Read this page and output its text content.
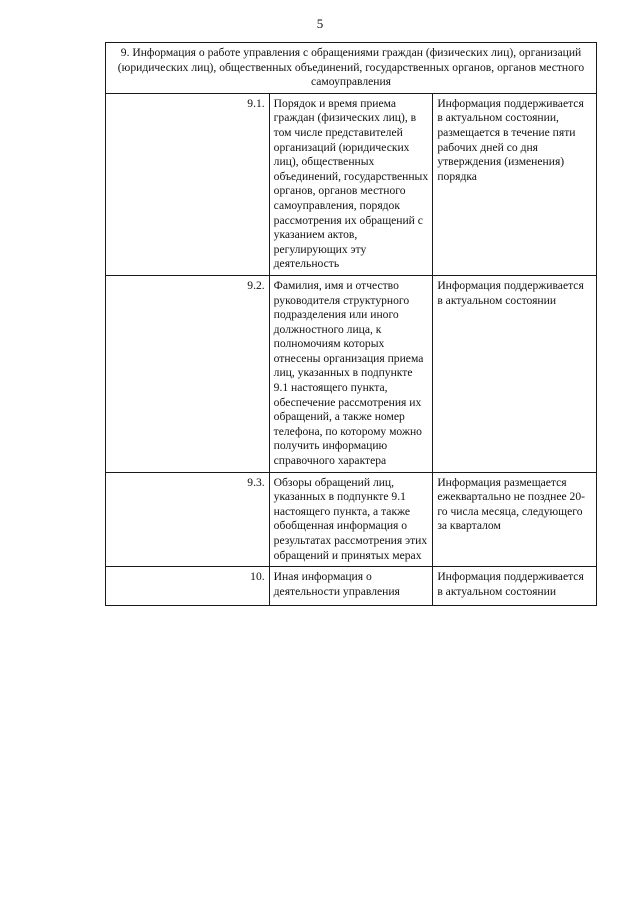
5
9. Информация о работе управления с обращениями граждан (физических лиц), организаций (юридических лиц), общественных объединений, государственных органов, органов местного самоуправления		
9.1.	Порядок и время приема граждан (физических лиц), в том числе представителей организаций (юридических лиц), общественных объединений, государственных органов, органов местного самоуправления, порядок рассмотрения их обращений с указанием актов, регулирующих эту деятельность	Информация поддерживается в актуальном состоянии, размещается в течение пяти рабочих дней со дня утверждения (изменения) порядка
9.2.	Фамилия, имя и отчество руководителя структурного подразделения или иного должностного лица, к полномочиям которых отнесены организация приема лиц, указанных в подпункте 9.1 настоящего пункта, обеспечение рассмотрения их обращений, а также номер телефона, по которому можно получить информацию справочного характера	Информация поддерживается в актуальном состоянии
9.3.	Обзоры обращений лиц, указанных в подпункте 9.1 настоящего пункта, а также обобщенная информация о результатах рассмотрения этих обращений и принятых мерах	Информация размещается ежеквартально не позднее 20-го числа месяца, следующего за кварталом
10.	Иная информация о деятельности управления	Информация поддерживается в актуальном состоянии
